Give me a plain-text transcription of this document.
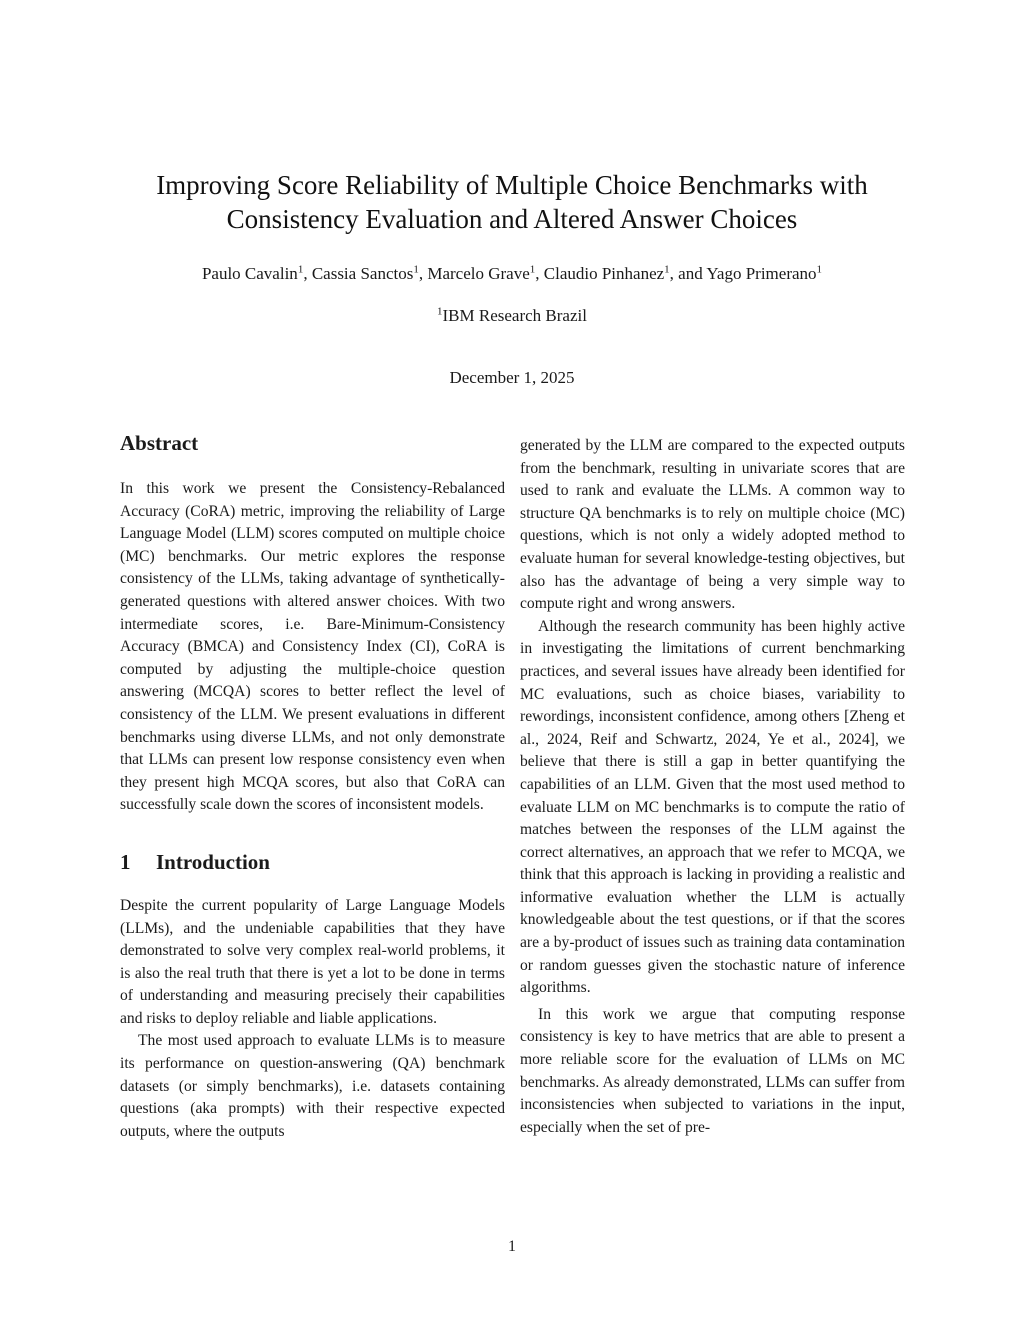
Improving Score Reliability of Multiple Choice Benchmarks with
Consistency Evaluation and Altered Answer Choices
Paulo Cavalin$^1$, Cassia Sanctos$^1$, Marcelo Grave$^1$, Claudio Pinhanez$^1$, and Yago Primerano$^1$
$^1$IBM Research Brazil
December 1, 2025
Abstract

In this work we present the Consistency-Rebalanced Accuracy (CoRA) metric, improving the reliability of Large Language Model (LLM) scores computed on multiple choice (MC) benchmarks. Our metric explores the response consistency of the LLMs, taking advantage of synthetically-generated questions with altered answer choices. With two intermediate scores, i.e. Bare-Minimum-Consistency Accuracy (BMCA) and Consistency Index (CI), CoRA is computed by adjusting the multiple-choice question answering (MCQA) scores to better reflect the level of consistency of the LLM. We present evaluations in different benchmarks using diverse LLMs, and not only demonstrate that LLMs can present low response consistency even when they present high MCQA scores, but also that CoRA can successfully scale down the scores of inconsistent models.

1 Introduction

Despite the current popularity of Large Language Models (LLMs), and the undeniable capabilities that they have demonstrated to solve very complex real-world problems, it is also the real truth that there is yet a lot to be done in terms of understanding and measuring precisely their capabilities and risks to deploy reliable and liable applications.

The most used approach to evaluate LLMs is to measure its performance on question-answering (QA) benchmark datasets (or simply benchmarks), i.e. datasets containing questions (aka prompts) with their respective expected outputs, where the outputs

generated by the LLM are compared to the expected outputs from the benchmark, resulting in univariate scores that are used to rank and evaluate the LLMs. A common way to structure QA benchmarks is to rely on multiple choice (MC) questions, which is not only a widely adopted method to evaluate human for several knowledge-testing objectives, but also has the advantage of being a very simple way to compute right and wrong answers.

Although the research community has been highly active in investigating the limitations of current benchmarking practices, and several issues have already been identified for MC evaluations, such as choice biases, variability to rewordings, inconsistent confidence, among others [Zheng et al., 2024, Reif and Schwartz, 2024, Ye et al., 2024], we believe that there is still a gap in better quantifying the capabilities of an LLM. Given that the most used method to evaluate LLM on MC benchmarks is to compute the ratio of matches between the responses of the LLM against the correct alternatives, an approach that we refer to MCQA, we think that this approach is lacking in providing a realistic and informative evaluation whether the LLM is actually knowledgeable about the test questions, or if that the scores are a by-product of issues such as training data contamination or random guesses given the stochastic nature of inference algorithms.

In this work we argue that computing response consistency is key to have metrics that are able to present a more reliable score for the evaluation of LLMs on MC benchmarks. As already demonstrated, LLMs can suffer from inconsistencies when subjected to variations in the input, especially when the set of pre-

1
